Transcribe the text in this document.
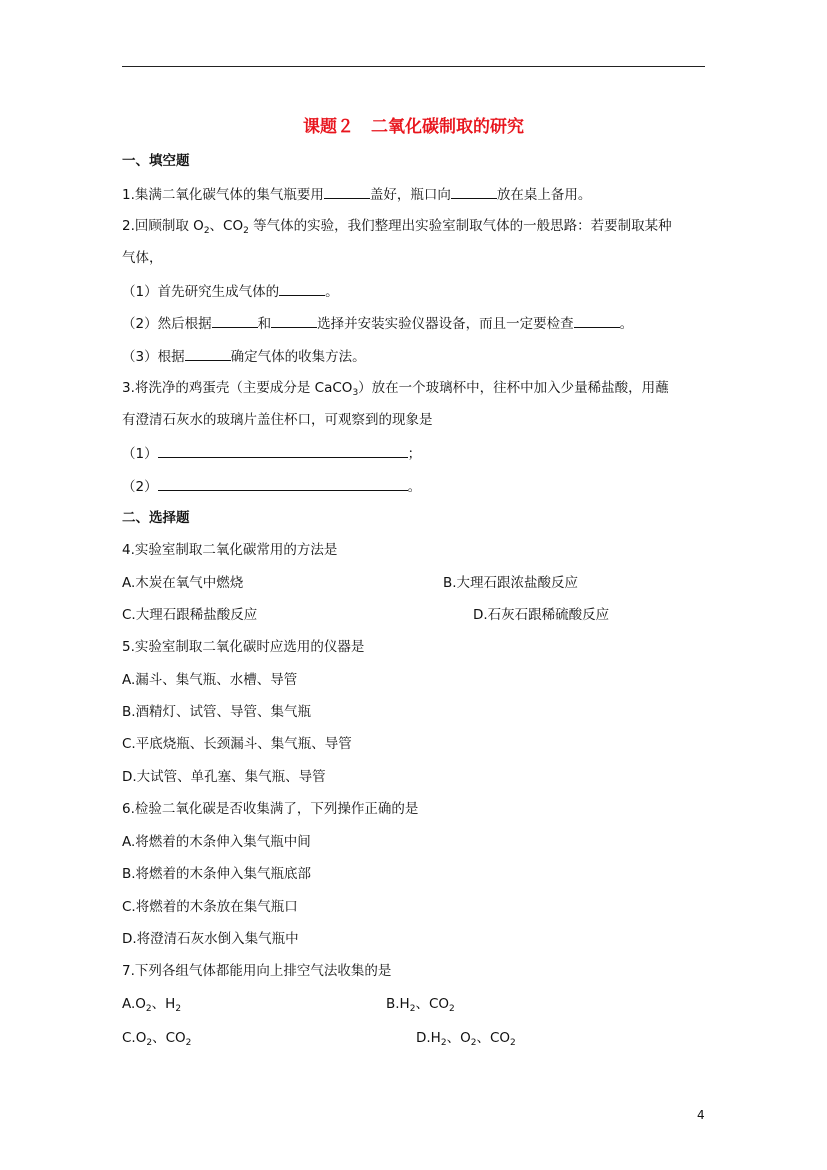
课题２　二氧化碳制取的研究
一、填空题
1.集满二氧化碳气体的集气瓶要用	盖好，瓶口向	放在桌上备用。
2.回顾制取 $O_2$、$CO_2$ 等气体的实验，我们整理出实验室制取气体的一般思路：若要制取某种
气体，
（1）首先研究生成气体的	。
（2）然后根据	和	选择并安装实验仪器设备，而且一定要检查	。
（3）根据	确定气体的收集方法。
3.将洗净的鸡蛋壳（主要成分是 CaCO$_3$）放在一个玻璃杯中，往杯中加入少量稀盐酸，用蘸
有澄清石灰水的玻璃片盖住杯口，可观察到的现象是
（1）	；
（2）	。
二、选择题
4.实验室制取二氧化碳常用的方法是
A.木炭在氧气中燃烧	B.大理石跟浓盐酸反应
C.大理石跟稀盐酸反应	D.石灰石跟稀硫酸反应
5.实验室制取二氧化碳时应选用的仪器是
A.漏斗、集气瓶、水槽、导管
B.酒精灯、试管、导管、集气瓶
C.平底烧瓶、长颈漏斗、集气瓶、导管
D.大试管、单孔塞、集气瓶、导管
6.检验二氧化碳是否收集满了，下列操作正确的是
A.将燃着的木条伸入集气瓶中间
B.将燃着的木条伸入集气瓶底部
C.将燃着的木条放在集气瓶口
D.将澄清石灰水倒入集气瓶中
7.下列各组气体都能用向上排空气法收集的是
$A.O_2$、$H_2$	$B.H_2$、$CO_2$
$C.O_2$、$CO_2$	$D.H_2$、$O_2$、$CO_2$
4
